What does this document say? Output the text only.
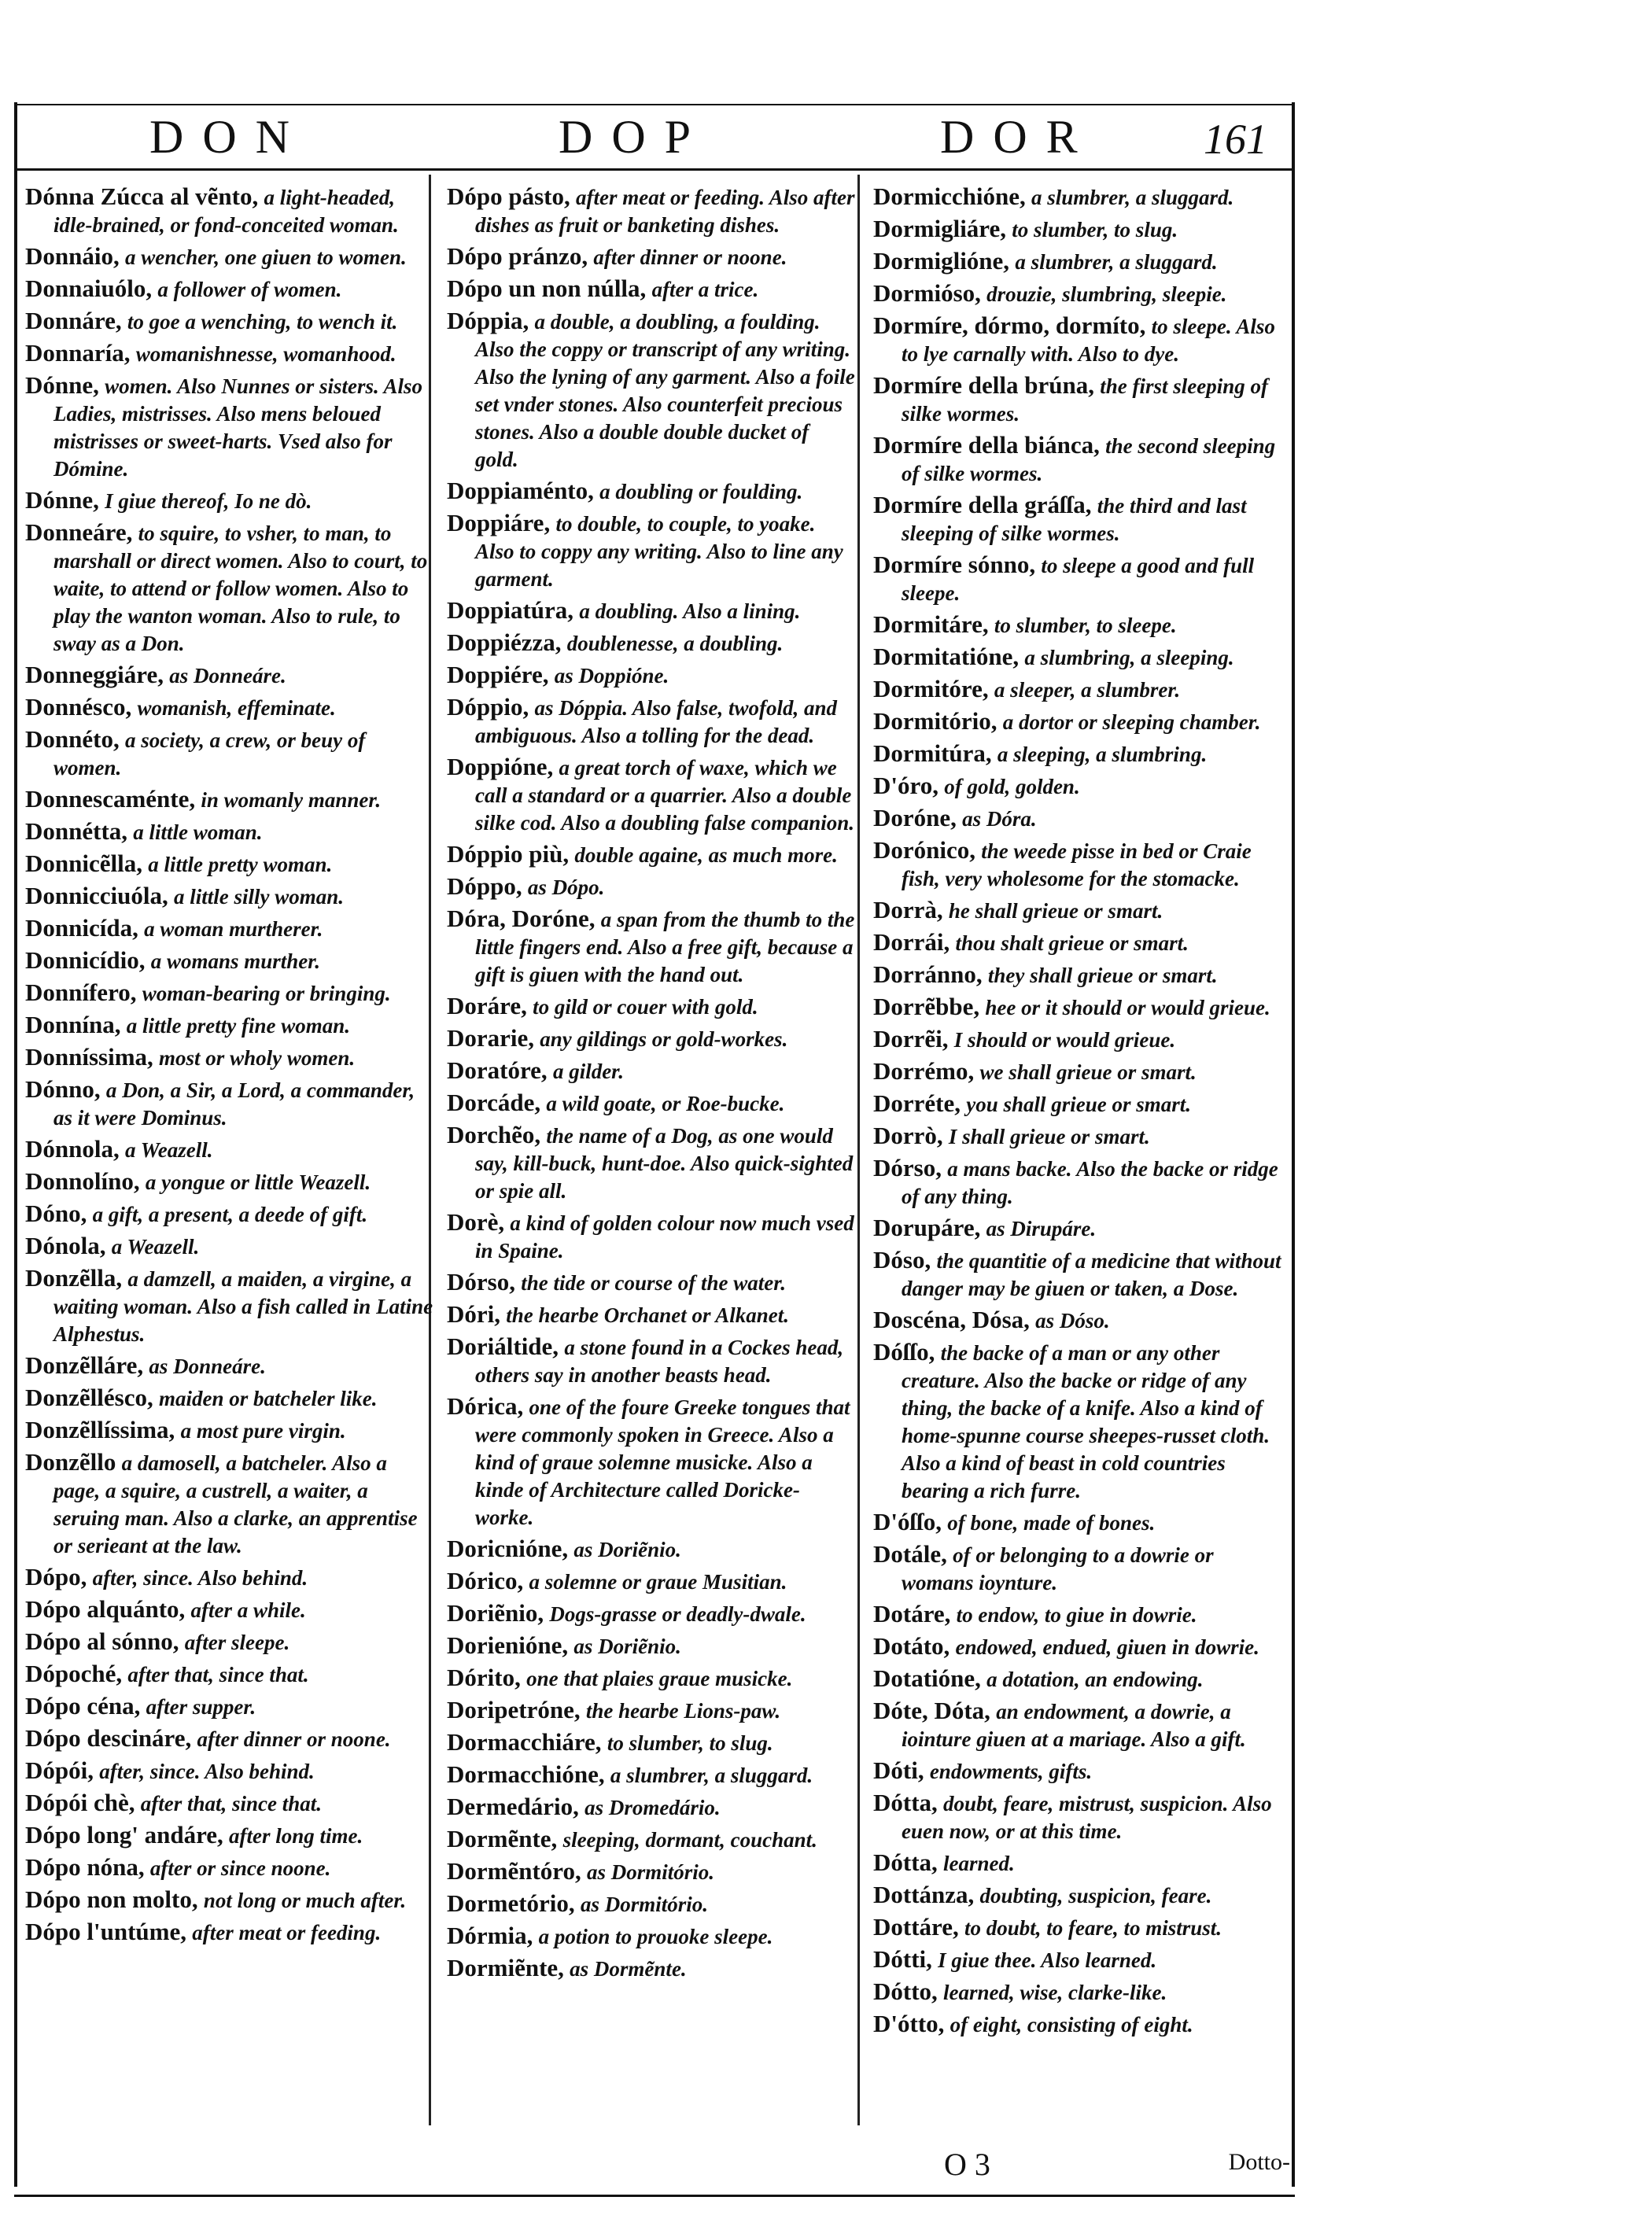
DON	DOP	DOR	161
Dónna Zúcca al vẽnto, a light-headed, idle-brained, or fond-conceited woman.
Donnáio, a wencher, one giuen to women.
Donnaiuólo, a follower of women.
Donnáre, to goe a wenching, to wench it.
Donnaría, womanishnesse, womanhood.
Dónne, women. Also Nunnes or sisters. Also Ladies, mistrisses. Also mens beloued mistrisses or sweet-harts. Vsed also for Dómine.
Dónne, I giue thereof, Io ne dò.
Donneáre, to squire, to vsher, to man, to marshall or direct women. Also to court, to waite, to attend or follow women. Also to play the wanton woman. Also to rule, to sway as a Don.
Donneggiáre, as Donneáre.
Donnésco, womanish, effeminate.
Donnéto, a society, a crew, or beuy of women.
Donnescaménte, in womanly manner.
Donnétta, a little woman.
Donnicẽlla, a little pretty woman.
Donnicciuóla, a little silly woman.
Donnicída, a woman murtherer.
Donnicídio, a womans murther.
Donnífero, woman-bearing or bringing.
Donnína, a little pretty fine woman.
Donníssima, most or wholy women.
Dónno, a Don, a Sir, a Lord, a commander, as it were Dominus.
Dónnola, a Weazell.
Donnolíno, a yongue or little Weazell.
Dóno, a gift, a present, a deede of gift.
Dónola, a Weazell.
Donzẽlla, a damzell, a maiden, a virgine, a waiting woman. Also a fish called in Latine Alphestus.
Donzẽlláre, as Donneáre.
Donzẽllésco, maiden or batcheler like.
Donzẽllíssima, a most pure virgin.
Donzẽllo a damosell, a batcheler. Also a page, a squire, a custrell, a waiter, a seruing man. Also a clarke, an apprentise or serieant at the law.
Dópo, after, since. Also behind.
Dópo alquánto, after a while.
Dópo al sónno, after sleepe.
Dópoché, after that, since that.
Dópo céna, after supper.
Dópo descináre, after dinner or noone.
Dópói, after, since. Also behind.
Dópói chè, after that, since that.
Dópo long' andáre, after long time.
Dópo nóna, after or since noone.
Dópo non molto, not long or much after.
Dópo l'untúme, after meat or feeding.
Dópo pásto, after meat or feeding. Also after dishes as fruit or banketing dishes.
Dópo pránzo, after dinner or noone.
Dópo un non núlla, after a trice.
Dóppia, a double, a doubling, a foulding. Also the coppy or transcript of any writing. Also the lyning of any garment. Also a foile set vnder stones. Also counterfeit precious stones. Also a double double ducket of gold.
Doppiaménto, a doubling or foulding.
Doppiáre, to double, to couple, to yoake. Also to coppy any writing. Also to line any garment.
Doppiatúra, a doubling. Also a lining.
Doppiézza, doublenesse, a doubling.
Doppiére, as Doppióne.
Dóppio, as Dóppia. Also false, twofold, and ambiguous. Also a tolling for the dead.
Doppióne, a great torch of waxe, which we call a standard or a quarrier. Also a double silke cod. Also a doubling false companion.
Dóppio più, double againe, as much more.
Dóppo, as Dópo.
Dóra, Doróne, a span from the thumb to the little fingers end. Also a free gift, because a gift is giuen with the hand out.
Doráre, to gild or couer with gold.
Dorarie, any gildings or gold-workes.
Doratóre, a gilder.
Dorcáde, a wild goate, or Roe-bucke.
Dorchẽo, the name of a Dog, as one would say, kill-buck, hunt-doe. Also quick-sighted or spie all.
Dorè, a kind of golden colour now much vsed in Spaine.
Dórso, the tide or course of the water.
Dóri, the hearbe Orchanet or Alkanet.
Doriáltide, a stone found in a Cockes head, others say in another beasts head.
Dórica, one of the foure Greeke tongues that were commonly spoken in Greece. Also a kind of graue solemne musicke. Also a kinde of Architecture called Doricke-worke.
Doricnióne, as Doriẽnio.
Dórico, a solemne or graue Musitian.
Doriẽnio, Dogs-grasse or deadly-dwale.
Dorienióne, as Doriẽnio.
Dórito, one that plaies graue musicke.
Doripetróne, the hearbe Lions-paw.
Dormacchiáre, to slumber, to slug.
Dormacchióne, a slumbrer, a sluggard.
Dermedário, as Dromedário.
Dormẽnte, sleeping, dormant, couchant.
Dormẽntóro, as Dormitório.
Dormetório, as Dormitório.
Dórmia, a potion to prouoke sleepe.
Dormiẽnte, as Dormẽnte.
Dormicchióne, a slumbrer, a sluggard.
Dormigliáre, to slumber, to slug.
Dormiglióne, a slumbrer, a sluggard.
Dormióso, drouzie, slumbring, sleepie.
Dormíre, dórmo, dormíto, to sleepe. Also to lye carnally with. Also to dye.
Dormíre della brúna, the first sleeping of silke wormes.
Dormíre della biánca, the second sleeping of silke wormes.
Dormíre della gráſſa, the third and last sleeping of silke wormes.
Dormíre sónno, to sleepe a good and full sleepe.
Dormitáre, to slumber, to sleepe.
Dormitatióne, a slumbring, a sleeping.
Dormitóre, a sleeper, a slumbrer.
Dormitório, a dortor or sleeping chamber.
Dormitúra, a sleeping, a slumbring.
D'óro, of gold, golden.
Doróne, as Dóra.
Dorónico, the weede pisse in bed or Craie fish, very wholesome for the stomacke.
Dorrà, he shall grieue or smart.
Dorrái, thou shalt grieue or smart.
Dorránno, they shall grieue or smart.
Dorrẽbbe, hee or it should or would grieue.
Dorrẽi, I should or would grieue.
Dorrémo, we shall grieue or smart.
Dorréte, you shall grieue or smart.
Dorrò, I shall grieue or smart.
Dórso, a mans backe. Also the backe or ridge of any thing.
Dorupáre, as Dirupáre.
Dóso, the quantitie of a medicine that without danger may be giuen or taken, a Dose.
Doscéna, Dósa, as Dóso.
Dóſſo, the backe of a man or any other creature. Also the backe or ridge of any thing, the backe of a knife. Also a kind of home-spunne course sheepes-russet cloth. Also a kind of beast in cold countries bearing a rich furre.
D'óſſo, of bone, made of bones.
Dotále, of or belonging to a dowrie or womans ioynture.
Dotáre, to endow, to giue in dowrie.
Dotáto, endowed, endued, giuen in dowrie.
Dotatióne, a dotation, an endowing.
Dóte, Dóta, an endowment, a dowrie, a iointure giuen at a mariage. Also a gift.
Dóti, endowments, gifts.
Dótta, doubt, feare, mistrust, suspicion. Also euen now, or at this time.
Dótta, learned.
Dottánza, doubting, suspicion, feare.
Dottáre, to doubt, to feare, to mistrust.
Dótti, I giue thee. Also learned.
Dótto, learned, wise, clarke-like.
D'ótto, of eight, consisting of eight.
O 3	Dotto-
